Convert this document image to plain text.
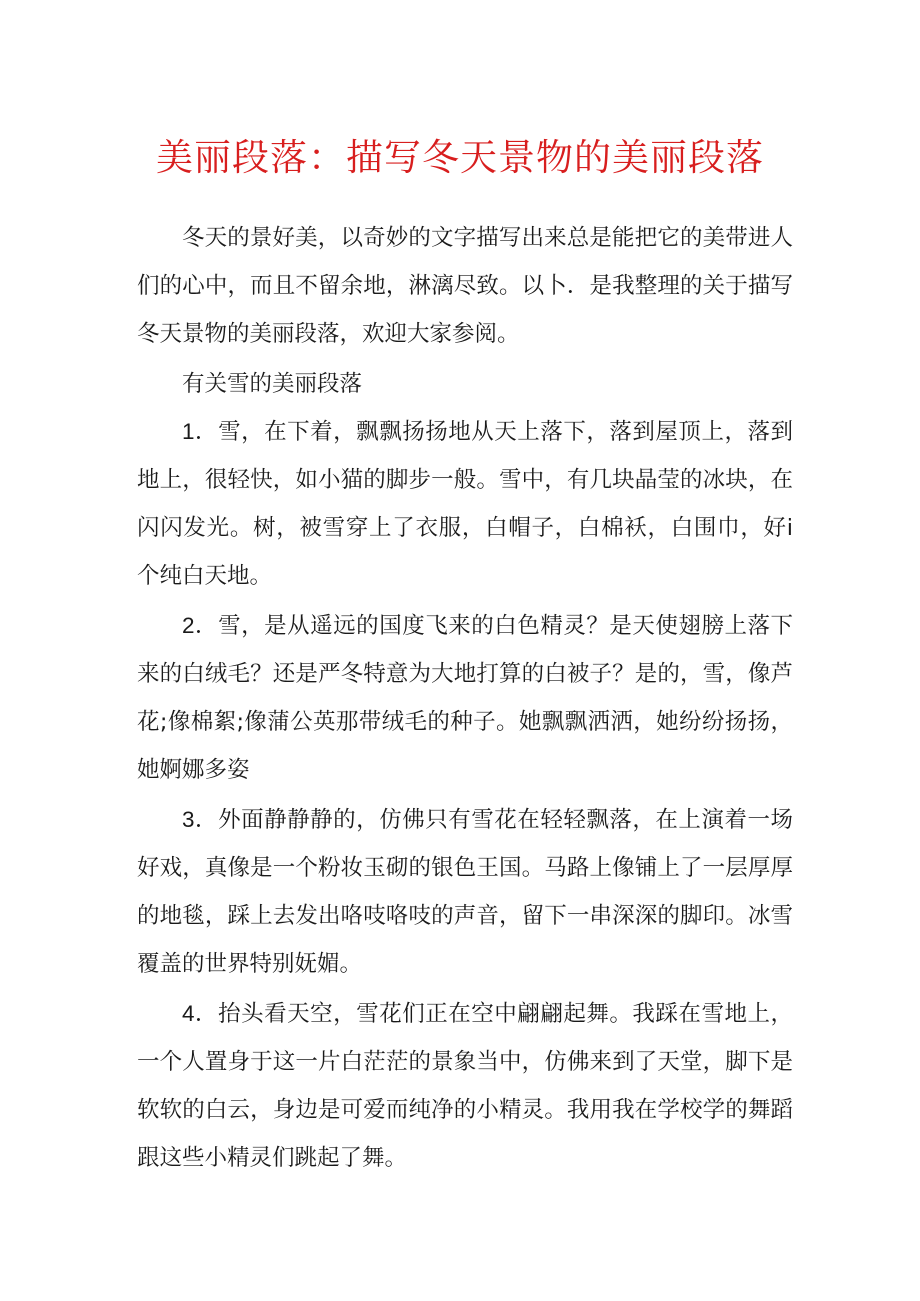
美丽段落：描写冬天景物的美丽段落

冬天的景好美，以奇妙的文字描写出来总是能把它的美带进人们的心中，而且不留余地，淋漓尽致。以卜．是我整理的关于描写冬天景物的美丽段落，欢迎大家参阅。

有关雪的美丽段落

1．雪，在下着，飘飘扬扬地从天上落下，落到屋顶上，落到地上，很轻快，如小猫的脚步一般。雪中，有几块晶莹的冰块，在闪闪发光。树，被雪穿上了衣服，白帽子，白棉袄，白围巾，好i个纯白天地。

2．雪，是从遥远的国度飞来的白色精灵？是天使翅膀上落下来的白绒毛？还是严冬特意为大地打算的白被子？是的，雪，像芦花;像棉絮;像蒲公英那带绒毛的种子。她飘飘洒洒，她纷纷扬扬，她婀娜多姿

3．外面静静静的，仿佛只有雪花在轻轻飘落，在上演着一场好戏，真像是一个粉妆玉砌的银色王国。马路上像铺上了一层厚厚的地毯，踩上去发出咯吱咯吱的声音，留下一串深深的脚印。冰雪覆盖的世界特别妩媚。

4．抬头看天空，雪花们正在空中翩翩起舞。我踩在雪地上，一个人置身于这一片白茫茫的景象当中，仿佛来到了天堂，脚下是软软的白云，身边是可爱而纯净的小精灵。我用我在学校学的舞蹈跟这些小精灵们跳起了舞。
